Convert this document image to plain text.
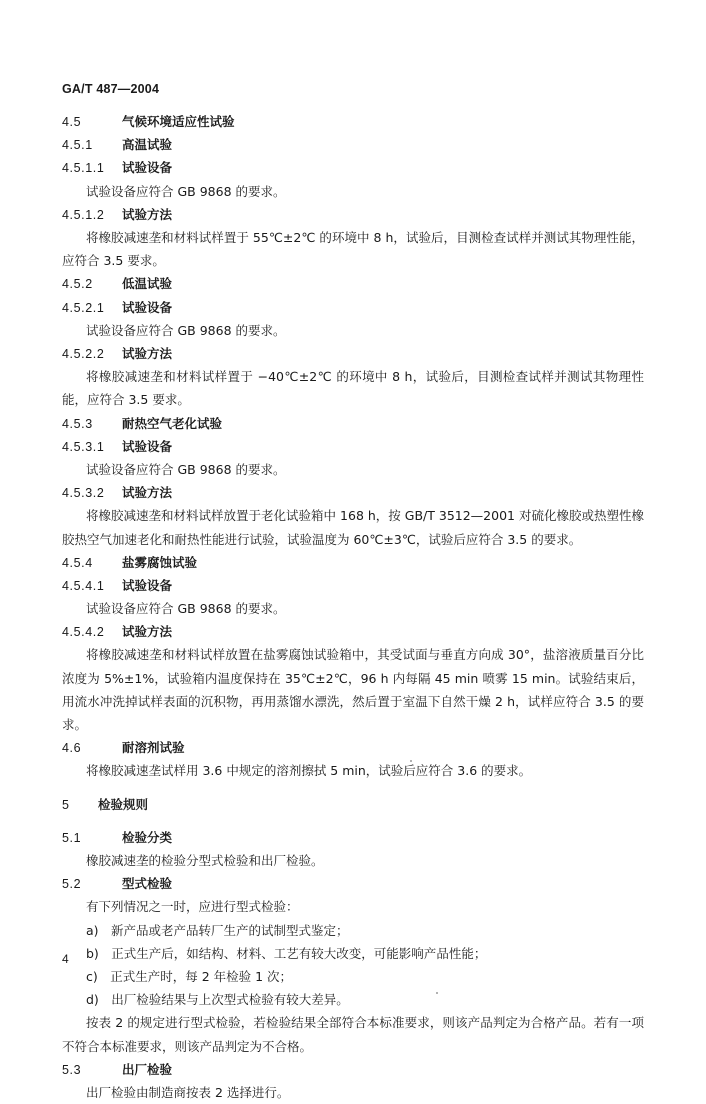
GA/T 487—2004
4.5	气候环境适应性试验
4.5.1 高温试验
4.5.1.1 试验设备
试验设备应符合 GB 9868 的要求。
4.5.1.2 试验方法
将橡胶减速垄和材料试样置于 55℃±2℃ 的环境中 8 h，试验后，目测检查试样并测试其物理性能，应符合 3.5 要求。
4.5.2 低温试验
4.5.2.1 试验设备
试验设备应符合 GB 9868 的要求。
4.5.2.2 试验方法
将橡胶减速垄和材料试样置于 −40℃±2℃ 的环境中 8 h，试验后，目测检查试样并测试其物理性能，应符合 3.5 要求。
4.5.3 耐热空气老化试验
4.5.3.1 试验设备
试验设备应符合 GB 9868 的要求。
4.5.3.2 试验方法
将橡胶减速垄和材料试样放置于老化试验箱中 168 h，按 GB/T 3512—2001 对硫化橡胶或热塑性橡胶热空气加速老化和耐热性能进行试验，试验温度为 60℃±3℃，试验后应符合 3.5 的要求。
4.5.4 盐雾腐蚀试验
4.5.4.1 试验设备
试验设备应符合 GB 9868 的要求。
4.5.4.2 试验方法
将橡胶减速垄和材料试样放置在盐雾腐蚀试验箱中，其受试面与垂直方向成 30°，盐溶液质量百分比浓度为 5%±1%，试验箱内温度保持在 35℃±2℃，96 h 内每隔 45 min 喷雾 15 min。试验结束后，用流水冲洗掉试样表面的沉积物，再用蒸馏水漂洗，然后置于室温下自然干燥 2 h，试样应符合 3.5 的要求。
4.6	耐溶剂试验
将橡胶减速垄试样用 3.6 中规定的溶剂擦拭 5 min，试验后应符合 3.6 的要求。
5 检验规则
5.1	检验分类
橡胶减速垄的检验分型式检验和出厂检验。
5.2	型式检验
有下列情况之一时，应进行型式检验：
a)　新产品或老产品转厂生产的试制型式鉴定；
b)　正式生产后，如结构、材料、工艺有较大改变，可能影响产品性能；
c)　正式生产时，每 2 年检验 1 次；
d)　出厂检验结果与上次型式检验有较大差异。
按表 2 的规定进行型式检验，若检验结果全部符合本标准要求，则该产品判定为合格产品。若有一项不符合本标准要求，则该产品判定为不合格。
5.3	出厂检验
出厂检验由制造商按表 2 选择进行。
4
